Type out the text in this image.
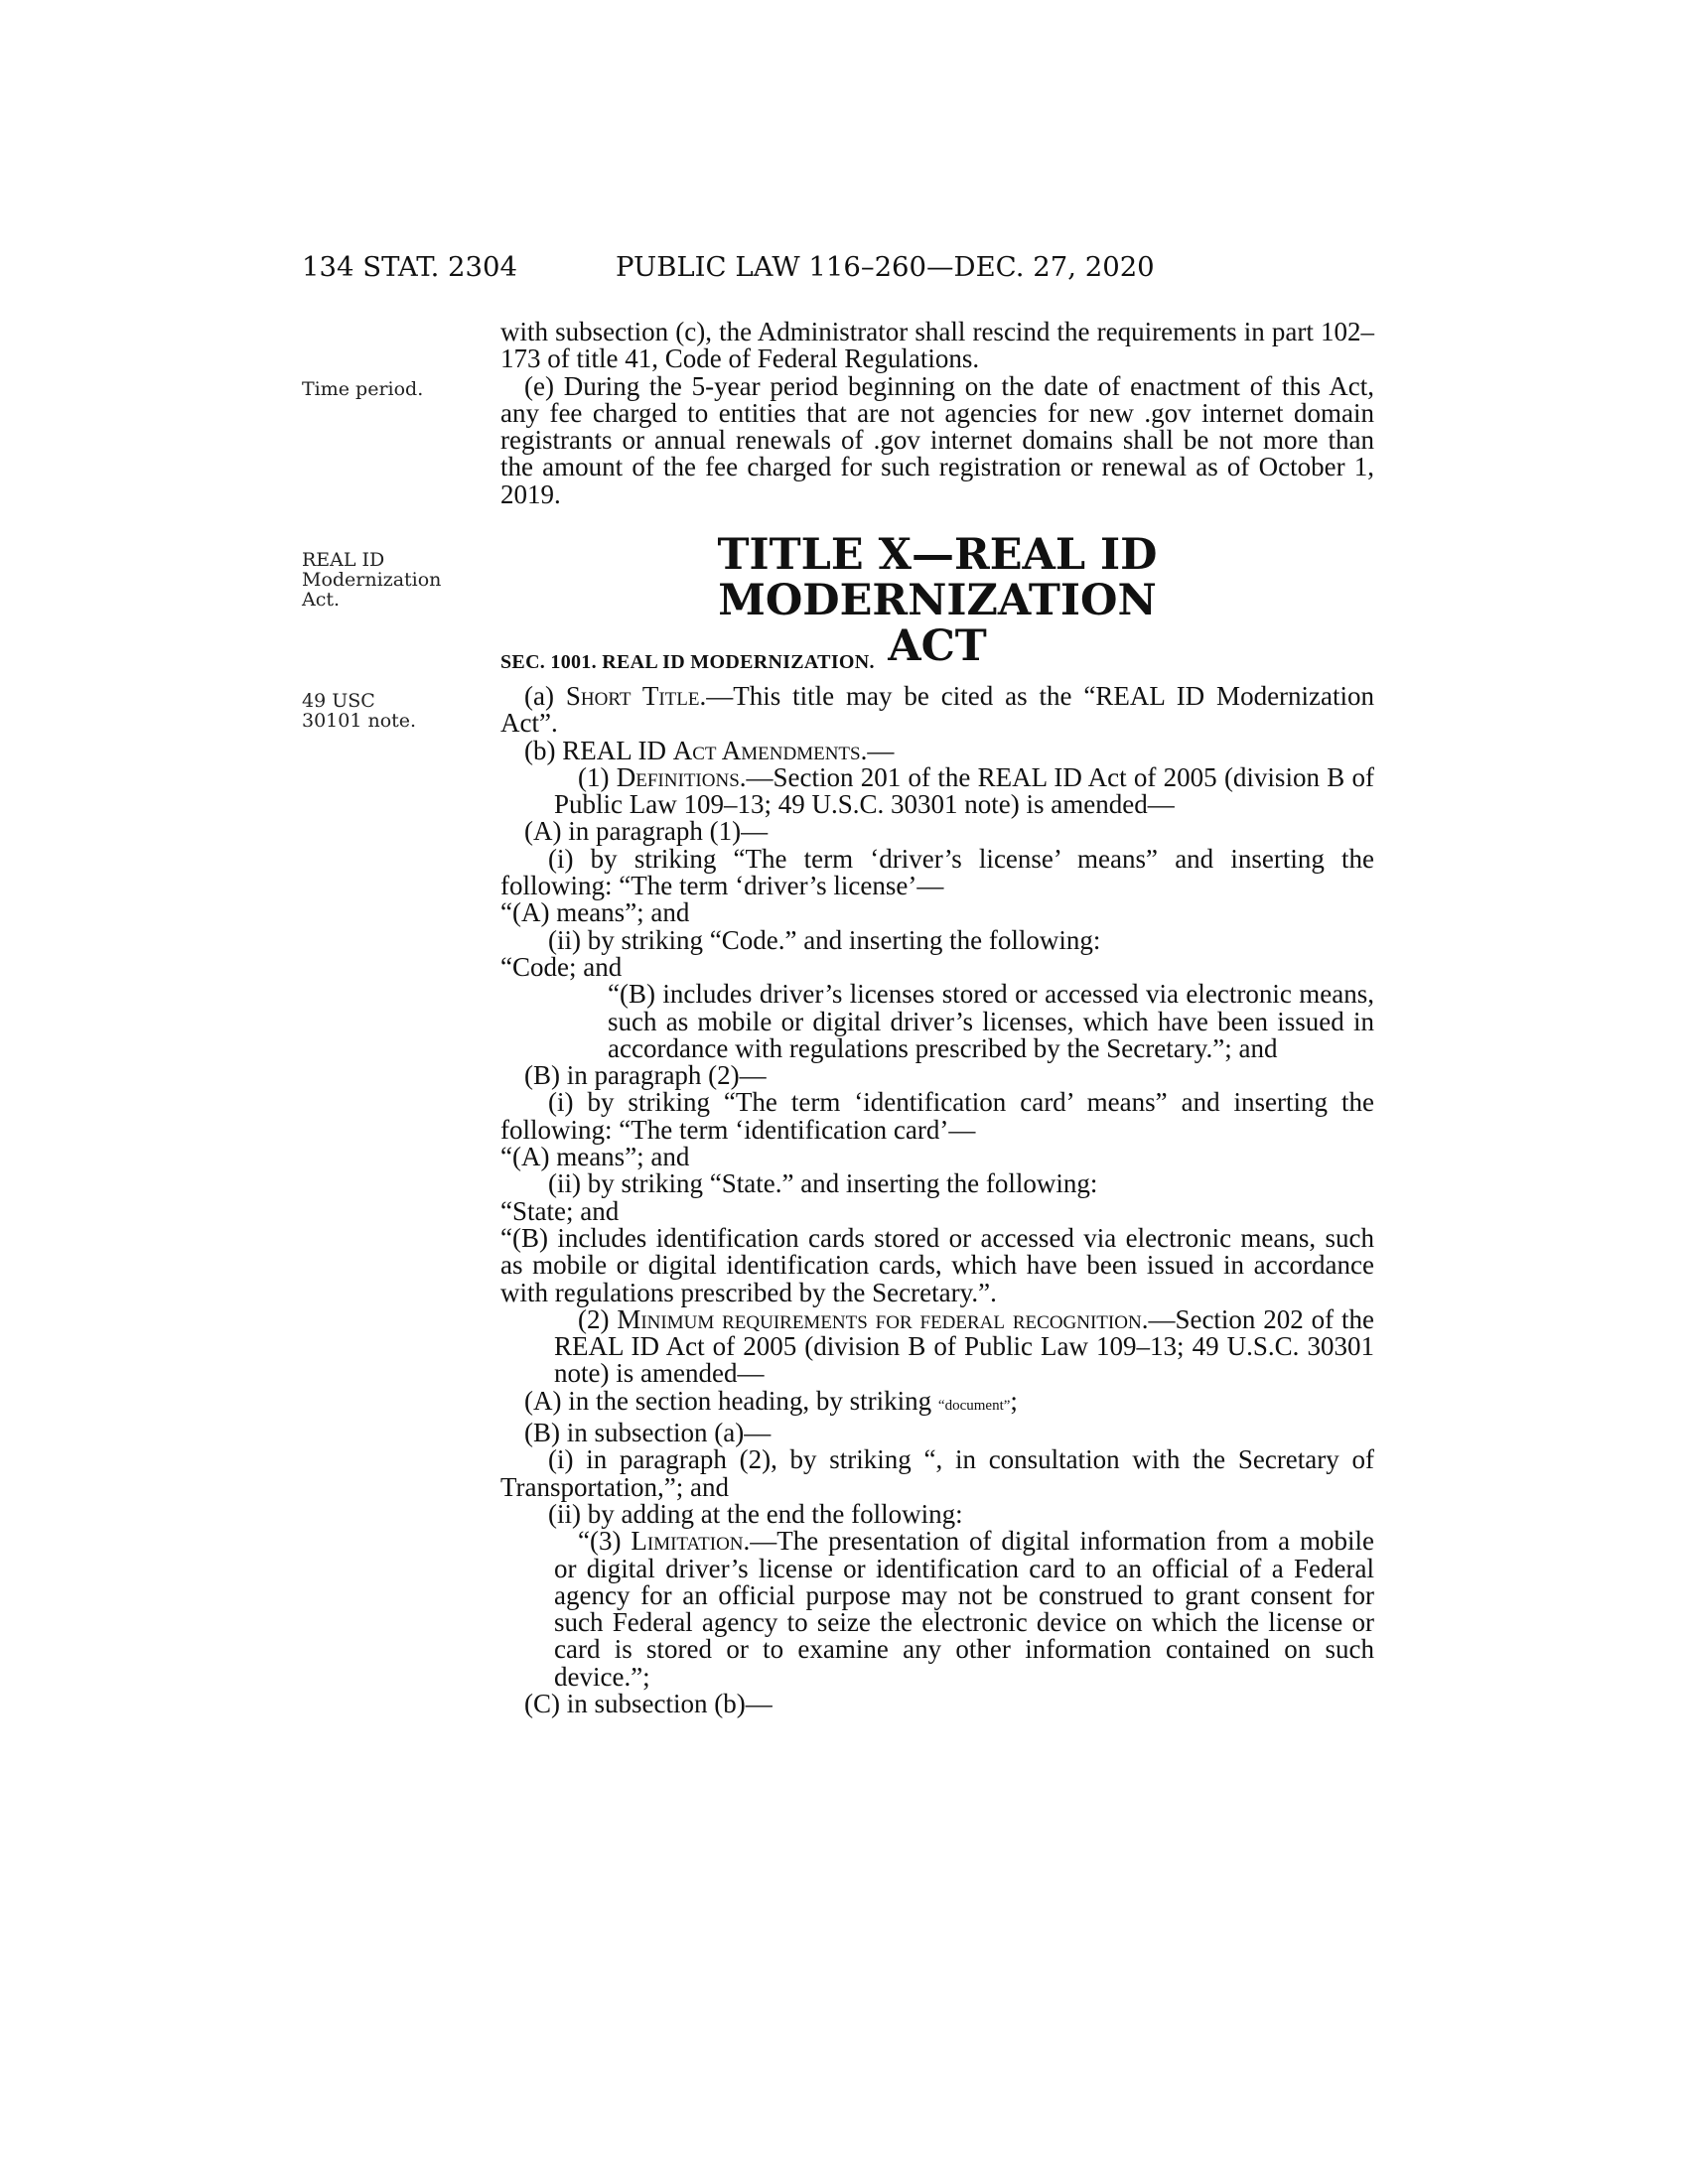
134 STAT. 2304	PUBLIC LAW 116–260—DEC. 27, 2020
Time period.
REAL ID Modernization Act.
49 USC 30101 note.

with subsection (c), the Administrator shall rescind the requirements in part 102–173 of title 41, Code of Federal Regulations.

(e) During the 5-year period beginning on the date of enactment of this Act, any fee charged to entities that are not agencies for new .gov internet domain registrants or annual renewals of .gov internet domains shall be not more than the amount of the fee charged for such registration or renewal as of October 1, 2019.

TITLE X—REAL ID MODERNIZATION
ACT
SEC. 1001. REAL ID MODERNIZATION.

(a) Short Title.—This title may be cited as the “REAL ID Modernization Act”.

(b) REAL ID Act Amendments.—

(1) Definitions.—Section 201 of the REAL ID Act of 2005 (division B of Public Law 109–13; 49 U.S.C. 30301 note) is amended—

(A) in paragraph (1)—

(i) by striking “The term ‘driver’s license’ means” and inserting the following: “The term ‘driver’s license’—

“(A) means”; and

(ii) by striking “Code.” and inserting the following:

“Code; and

“(B) includes driver’s licenses stored or accessed via electronic means, such as mobile or digital driver’s licenses, which have been issued in accordance with regulations prescribed by the Secretary.”; and

(B) in paragraph (2)—

(i) by striking “The term ‘identification card’ means” and inserting the following: “The term ‘identification card’—

“(A) means”; and

(ii) by striking “State.” and inserting the following:

“State; and

“(B) includes identification cards stored or accessed via electronic means, such as mobile or digital identification cards, which have been issued in accordance with regulations prescribed by the Secretary.”.

(2) Minimum requirements for federal recognition.—Section 202 of the REAL ID Act of 2005 (division B of Public Law 109–13; 49 U.S.C. 30301 note) is amended—

(A) in the section heading, by striking “document”;

(B) in subsection (a)—

(i) in paragraph (2), by striking “, in consultation with the Secretary of Transportation,”; and

(ii) by adding at the end the following:

“(3) Limitation.—The presentation of digital information from a mobile or digital driver’s license or identification card to an official of a Federal agency for an official purpose may not be construed to grant consent for such Federal agency to seize the electronic device on which the license or card is stored or to examine any other information contained on such device.”;

(C) in subsection (b)—
